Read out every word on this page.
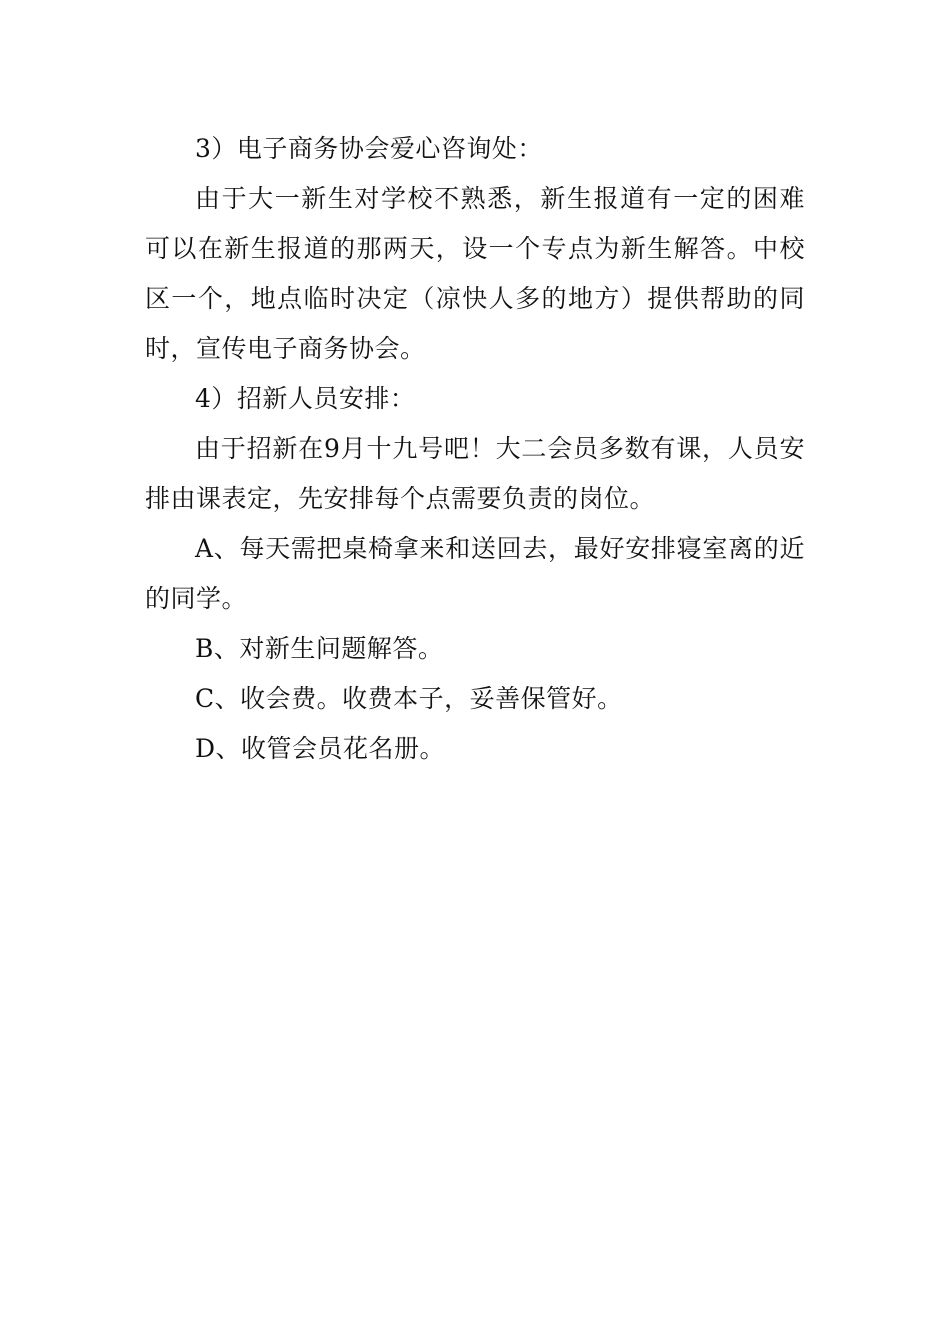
3）电子商务协会爱心咨询处：

由于大一新生对学校不熟悉，新生报道有一定的困难可以在新生报道的那两天，设一个专点为新生解答。中校区一个，地点临时决定（凉快人多的地方）提供帮助的同时，宣传电子商务协会。

4）招新人员安排：

由于招新在9月十九号吧！大二会员多数有课，人员安排由课表定，先安排每个点需要负责的岗位。

A、每天需把桌椅拿来和送回去，最好安排寝室离的近的同学。

B、对新生问题解答。

C、收会费。收费本子，妥善保管好。

D、收管会员花名册。
